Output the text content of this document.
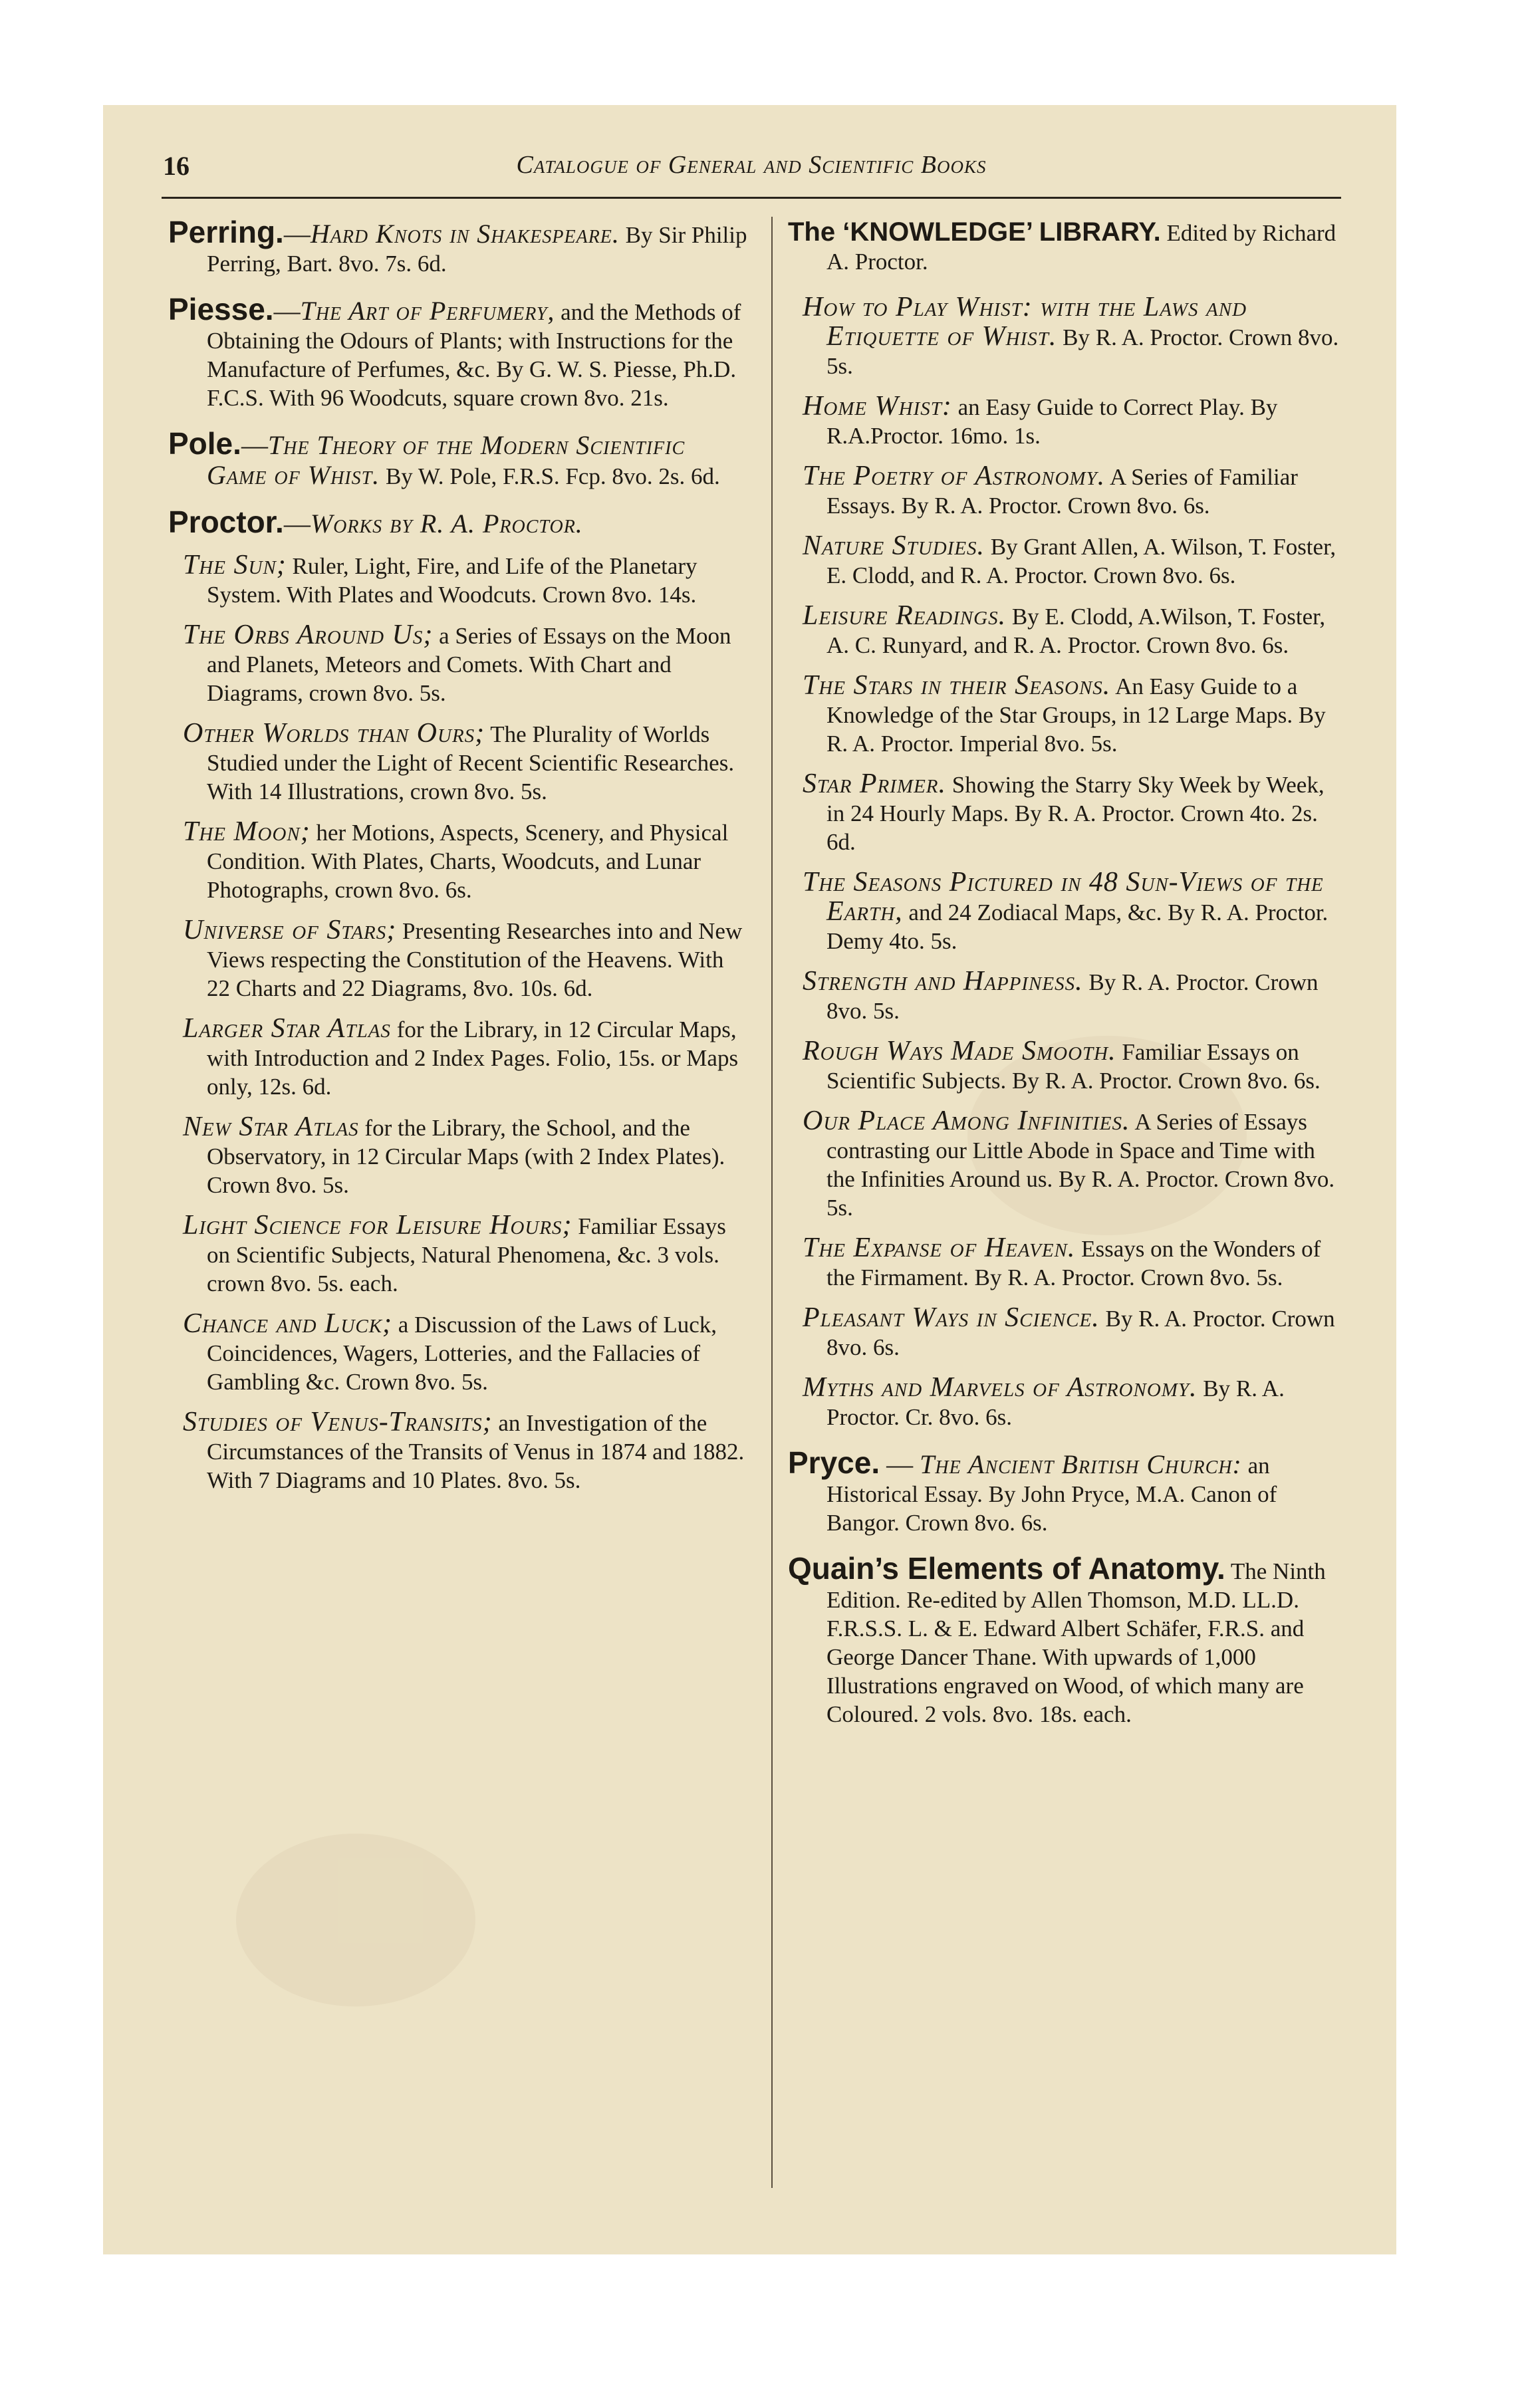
16	Catalogue of General and Scientific Books
Perring.—Hard Knots in Shakespeare. By Sir Philip Perring, Bart. 8vo. 7s. 6d.
Piesse.—The Art of Perfumery, and the Methods of Obtaining the Odours of Plants; with Instructions for the Manufacture of Perfumes, &c. By G. W. S. Piesse, Ph.D. F.C.S. With 96 Woodcuts, square crown 8vo. 21s.
Pole.—The Theory of the Modern Scientific Game of Whist. By W. Pole, F.R.S. Fcp. 8vo. 2s. 6d.
Proctor.—Works by R. A. Proctor.
The Sun; Ruler, Light, Fire, and Life of the Planetary System. With Plates and Woodcuts. Crown 8vo. 14s.
The Orbs Around Us; a Series of Essays on the Moon and Planets, Meteors and Comets. With Chart and Diagrams, crown 8vo. 5s.
Other Worlds than Ours; The Plurality of Worlds Studied under the Light of Recent Scientific Researches. With 14 Illustrations, crown 8vo. 5s.
The Moon; her Motions, Aspects, Scenery, and Physical Condition. With Plates, Charts, Woodcuts, and Lunar Photographs, crown 8vo. 6s.
Universe of Stars; Presenting Researches into and New Views respecting the Constitution of the Heavens. With 22 Charts and 22 Diagrams, 8vo. 10s. 6d.
Larger Star Atlas for the Library, in 12 Circular Maps, with Introduction and 2 Index Pages. Folio, 15s. or Maps only, 12s. 6d.
New Star Atlas for the Library, the School, and the Observatory, in 12 Circular Maps (with 2 Index Plates). Crown 8vo. 5s.
Light Science for Leisure Hours; Familiar Essays on Scientific Subjects, Natural Phenomena, &c. 3 vols. crown 8vo. 5s. each.
Chance and Luck; a Discussion of the Laws of Luck, Coincidences, Wagers, Lotteries, and the Fallacies of Gambling &c. Crown 8vo. 5s.
Studies of Venus-Transits; an Investigation of the Circumstances of the Transits of Venus in 1874 and 1882. With 7 Diagrams and 10 Plates. 8vo. 5s.
The ‘KNOWLEDGE’ LIBRARY. Edited by Richard A. Proctor.
How to Play Whist: with the Laws and Etiquette of Whist. By R. A. Proctor. Crown 8vo. 5s.
Home Whist: an Easy Guide to Correct Play. By R.A.Proctor. 16mo. 1s.
The Poetry of Astronomy. A Series of Familiar Essays. By R. A. Proctor. Crown 8vo. 6s.
Nature Studies. By Grant Allen, A. Wilson, T. Foster, E. Clodd, and R. A. Proctor. Crown 8vo. 6s.
Leisure Readings. By E. Clodd, A.Wilson, T. Foster, A. C. Runyard, and R. A. Proctor. Crown 8vo. 6s.
The Stars in their Seasons. An Easy Guide to a Knowledge of the Star Groups, in 12 Large Maps. By R. A. Proctor. Imperial 8vo. 5s.
Star Primer. Showing the Starry Sky Week by Week, in 24 Hourly Maps. By R. A. Proctor. Crown 4to. 2s. 6d.
The Seasons Pictured in 48 Sun-Views of the Earth, and 24 Zodiacal Maps, &c. By R. A. Proctor. Demy 4to. 5s.
Strength and Happiness. By R. A. Proctor. Crown 8vo. 5s.
Rough Ways Made Smooth. Familiar Essays on Scientific Subjects. By R. A. Proctor. Crown 8vo. 6s.
Our Place Among Infinities. A Series of Essays contrasting our Little Abode in Space and Time with the Infinities Around us. By R. A. Proctor. Crown 8vo. 5s.
The Expanse of Heaven. Essays on the Wonders of the Firmament. By R. A. Proctor. Crown 8vo. 5s.
Pleasant Ways in Science. By R. A. Proctor. Crown 8vo. 6s.
Myths and Marvels of Astronomy. By R. A. Proctor. Cr. 8vo. 6s.
Pryce. — The Ancient British Church: an Historical Essay. By John Pryce, M.A. Canon of Bangor. Crown 8vo. 6s.
Quain’s Elements of Anatomy. The Ninth Edition. Re-edited by Allen Thomson, M.D. LL.D. F.R.S.S. L. & E. Edward Albert Schäfer, F.R.S. and George Dancer Thane. With upwards of 1,000 Illustrations engraved on Wood, of which many are Coloured. 2 vols. 8vo. 18s. each.
